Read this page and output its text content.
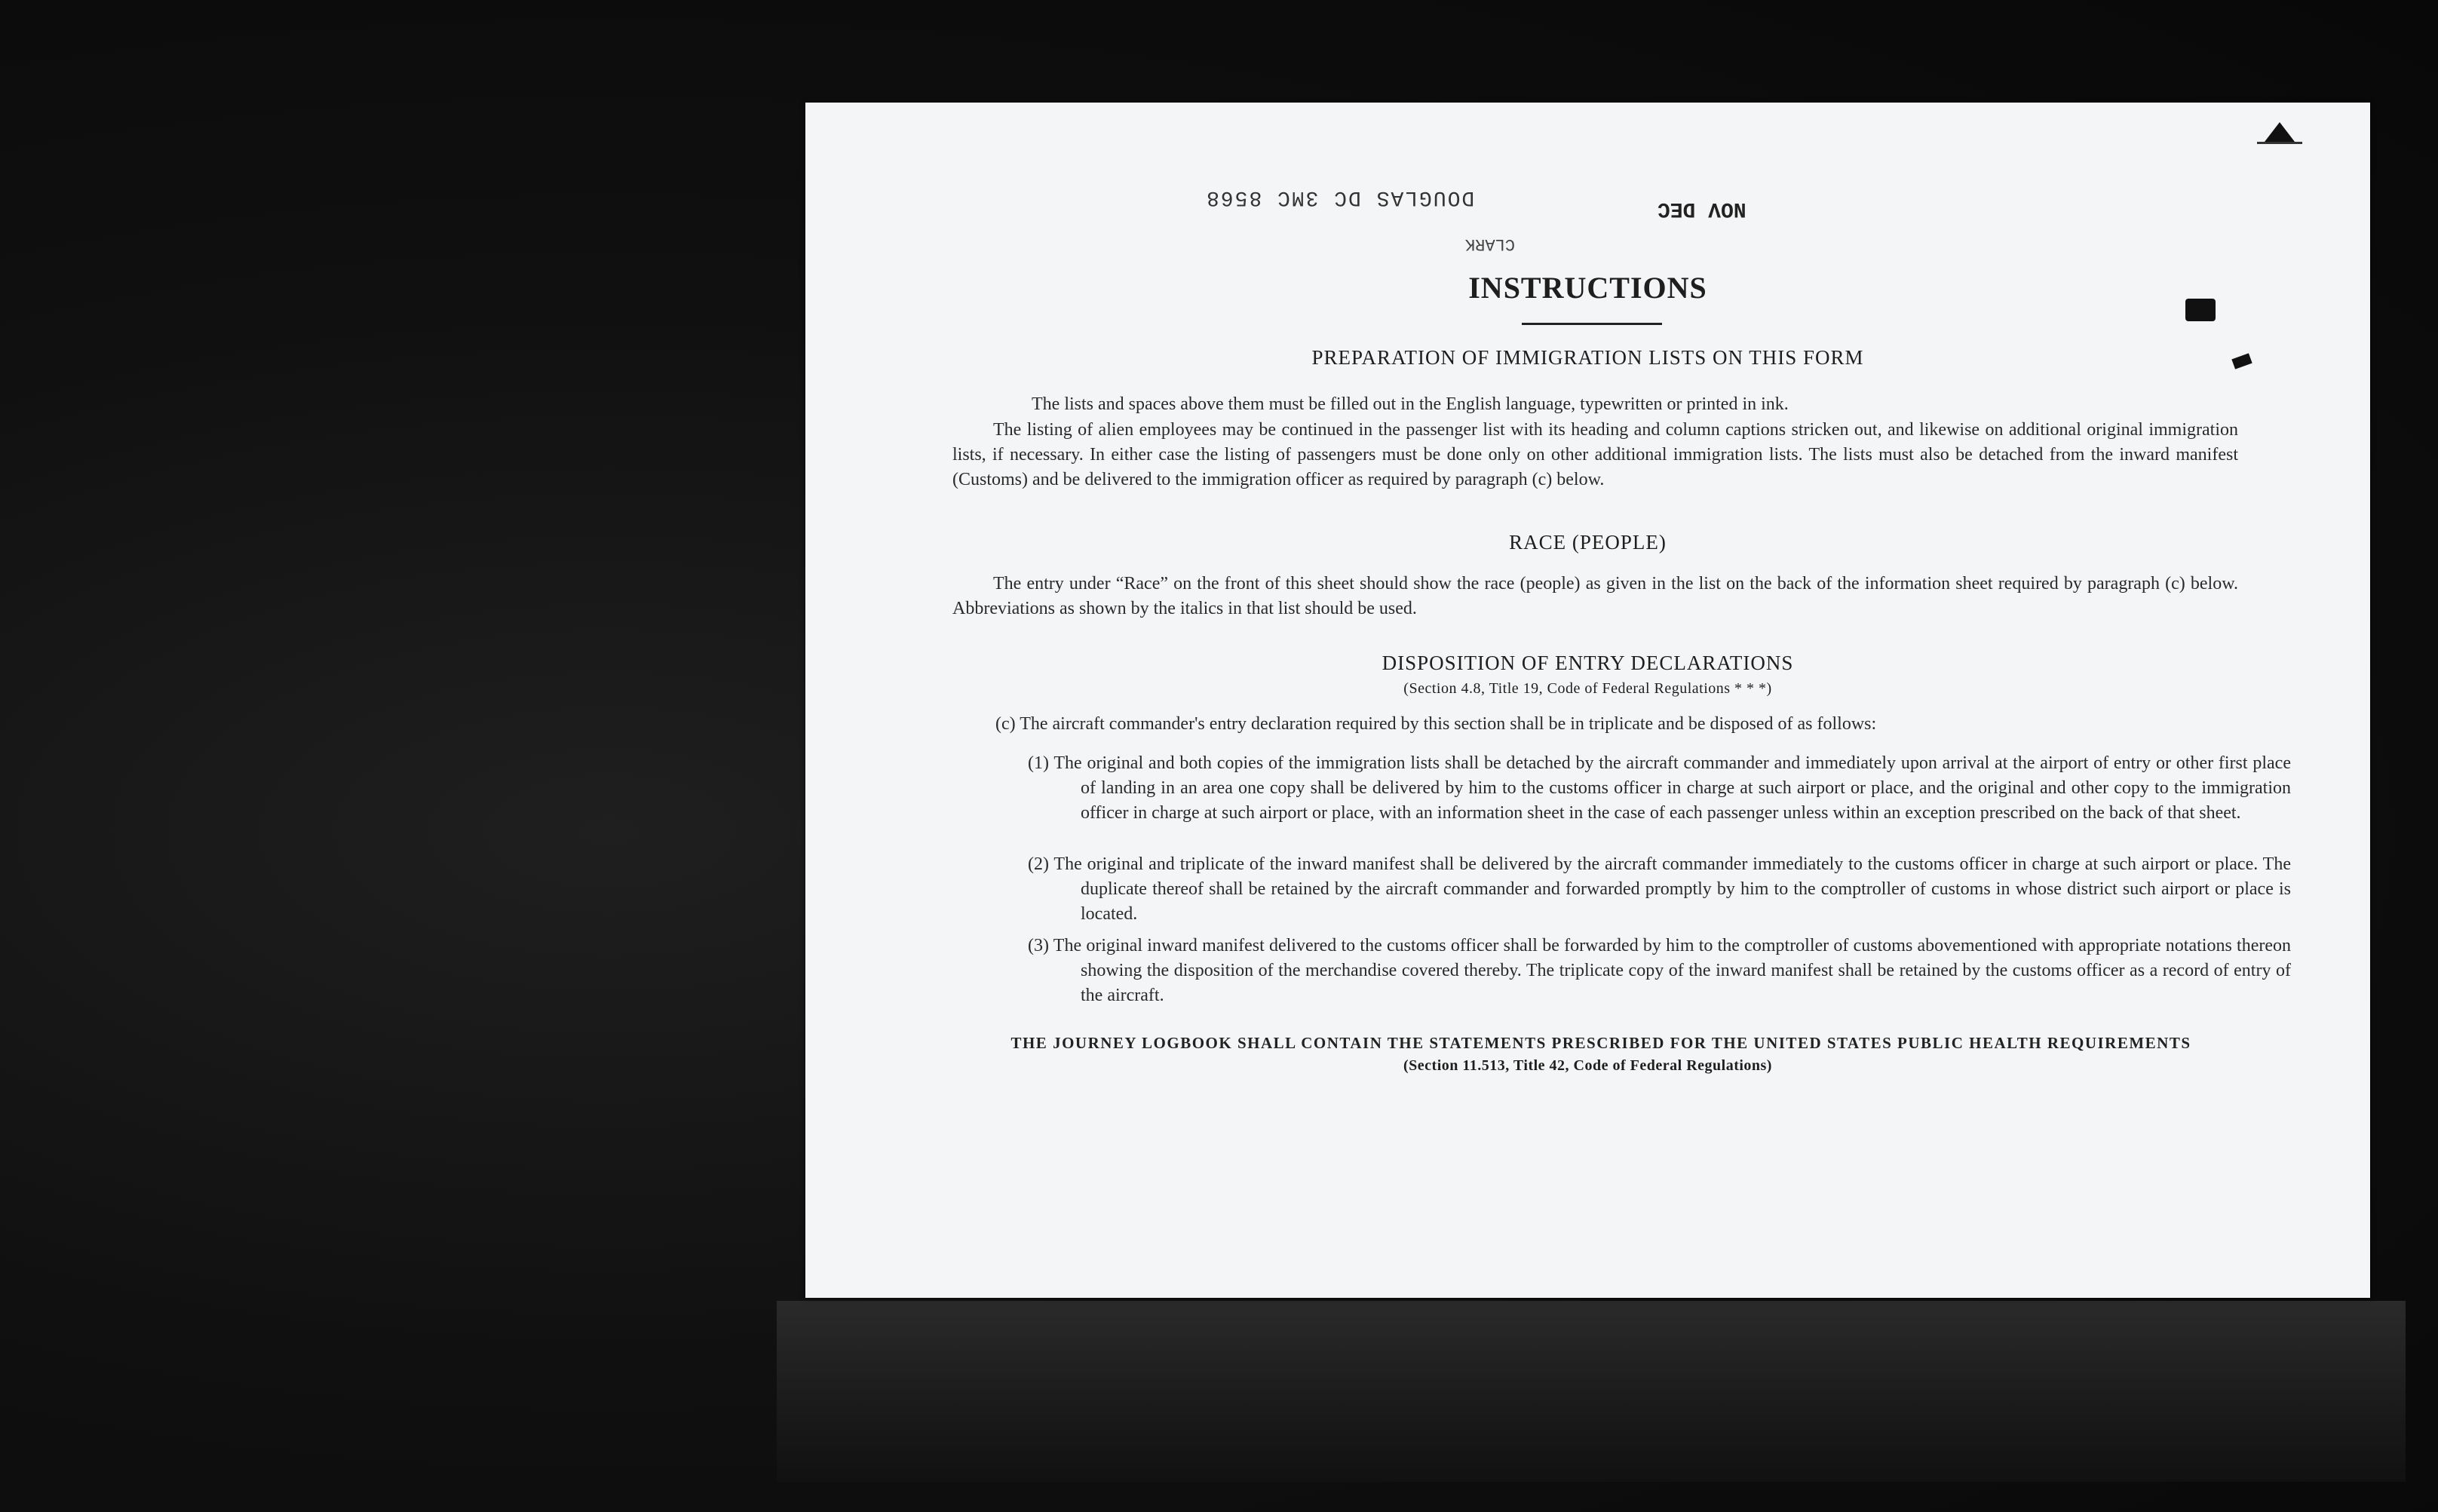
DOUGLAS DC 3MC 8568	NOV DEC
CLARK
INSTRUCTIONS
PREPARATION OF IMMIGRATION LISTS ON THIS FORM
The lists and spaces above them must be filled out in the English language, typewritten or printed in ink.
The listing of alien employees may be continued in the passenger list with its heading and column captions stricken out, and likewise on additional original immigration lists, if necessary. In either case the listing of passengers must be done only on other additional immigration lists. The lists must also be detached from the inward manifest (Customs) and be delivered to the immigration officer as required by paragraph (c) below.
RACE (PEOPLE)
The entry under “Race” on the front of this sheet should show the race (people) as given in the list on the back of the information sheet required by paragraph (c) below. Abbreviations as shown by the italics in that list should be used.
DISPOSITION OF ENTRY DECLARATIONS
(Section 4.8, Title 19, Code of Federal Regulations * * *)
(c) The aircraft commander's entry declaration required by this section shall be in triplicate and be disposed of as follows:
(1) The original and both copies of the immigration lists shall be detached by the aircraft commander and immediately upon arrival at the airport of entry or other first place of landing in an area one copy shall be delivered by him to the customs officer in charge at such airport or place, and the original and other copy to the immigration officer in charge at such airport or place, with an information sheet in the case of each passenger unless within an exception prescribed on the back of that sheet.
(2) The original and triplicate of the inward manifest shall be delivered by the aircraft commander immediately to the customs officer in charge at such airport or place. The duplicate thereof shall be retained by the aircraft commander and forwarded promptly by him to the comptroller of customs in whose district such airport or place is located.
(3) The original inward manifest delivered to the customs officer shall be forwarded by him to the comptroller of customs abovementioned with appropriate notations thereon showing the disposition of the merchandise covered thereby. The triplicate copy of the inward manifest shall be retained by the customs officer as a record of entry of the aircraft.
THE JOURNEY LOGBOOK SHALL CONTAIN THE STATEMENTS PRESCRIBED FOR THE UNITED STATES PUBLIC HEALTH REQUIREMENTS
(Section 11.513, Title 42, Code of Federal Regulations)
